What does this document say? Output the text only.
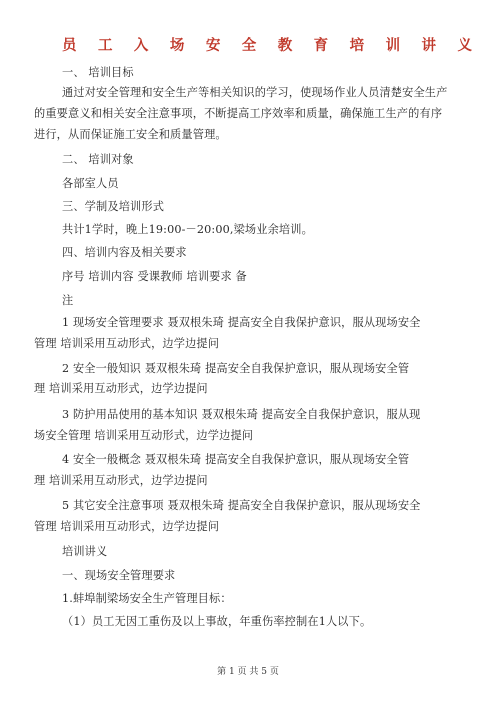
员 工 入 场 安 全 教 育 培 训 讲 义
一、 培训目标
通过对安全管理和安全生产等相关知识的学习，使现场作业人员清楚安全生产
的重要意义和相关安全注意事项，不断提高工序效率和质量，确保施工生产的有序
进行，从而保证施工安全和质量管理。
二、 培训对象
各部室人员
三、学制及培训形式
共计1学时，晚上19:00-－20:00,梁场业余培训。
四、培训内容及相关要求
序号 培训内容 受课教师 培训要求 备
注
1 现场安全管理要求 聂双根朱琦 提高安全自我保护意识，服从现场安全
管理 培训采用互动形式，边学边提问
2 安全一般知识 聂双根朱琦 提高安全自我保护意识，服从现场安全管
理 培训采用互动形式，边学边提问
3 防护用品使用的基本知识 聂双根朱琦 提高安全自我保护意识，服从现
场安全管理 培训采用互动形式，边学边提问
4 安全一般概念 聂双根朱琦 提高安全自我保护意识，服从现场安全管
理 培训采用互动形式，边学边提问
5 其它安全注意事项 聂双根朱琦 提高安全自我保护意识，服从现场安全
管理 培训采用互动形式，边学边提问
培训讲义
一、现场安全管理要求
1.蚌埠制梁场安全生产管理目标：
（1）员工无因工重伤及以上事故，年重伤率控制在1人以下。
第 1 页 共 5 页
